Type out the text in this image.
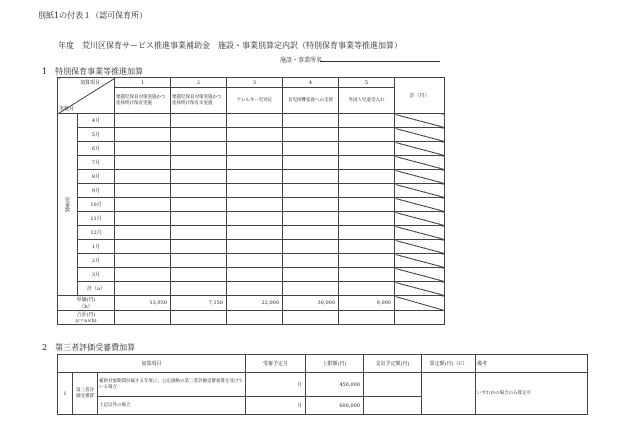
別紙1の付表１（認可保育所）
年度　荒川区保育サービス推進事業補助金　施設・事業別算定内訳（特別保育事業等推進加算）
施設・事業所名
1　特別保育事業等推進加算
加算項目
実施月		1	2	3	4	5	計（円）
		要越児保育対策実施かつ産休明け保育実施	要越児保育対策実施かつ産休明け保育未実施	アレルギー児対応	育児困難家庭への支援	外国人児童受入れ	
児童数	4月						
	5月						
	6月						
	7月						
	8月						
	9月						
	10月						
	11月						
	12月						
	1月						
	2月						
	3月						
	計（a）						

単価(円)
（b）		13,930	7,150	22,000	30,000	9,000	

合計(円)
(c=a×b)							

2　第三者評価受審費加算
加算項目			受審予定月	上限額(円)	支出予定額(円)	算定額(円)（C）	備考
1	第三者評価受審費	補助対象期間が属する年度に、公定価格の第三者評価受審加算を受けている場合	月	450,000			いずれかの場合のみ算定可
		上記以外の場合	月	600,000			
